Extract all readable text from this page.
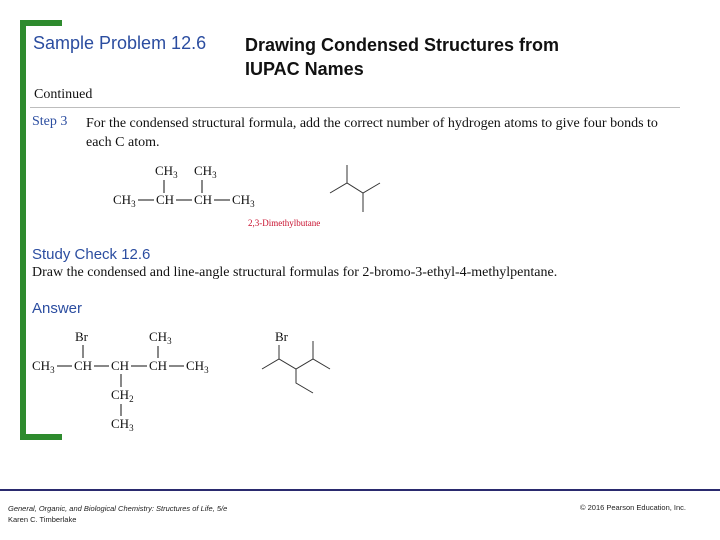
Sample Problem 12.6 Drawing Condensed Structures from
IUPAC Names
Continued
Step 3 For the condensed structural formula, add the correct number of hydrogen atoms to give four bonds to each C atom.
$CH_3$ $CH_3$
$CH_3$ CH CH $CH_3$
2,3-Dimethylbutane
Study Check 12.6
Draw the condensed and line-angle structural formulas for 2-bromo-3-ethyl-4-methylpentane.
Answer
Br	$CH_3$
$CH_3$ CH CH CH $CH_3$
$CH_2$
$CH_3$
Br
General, Organic, and Biological Chemistry: Structures of Life, 5/e
Karen C. Timberlake
© 2016 Pearson Education, Inc.
